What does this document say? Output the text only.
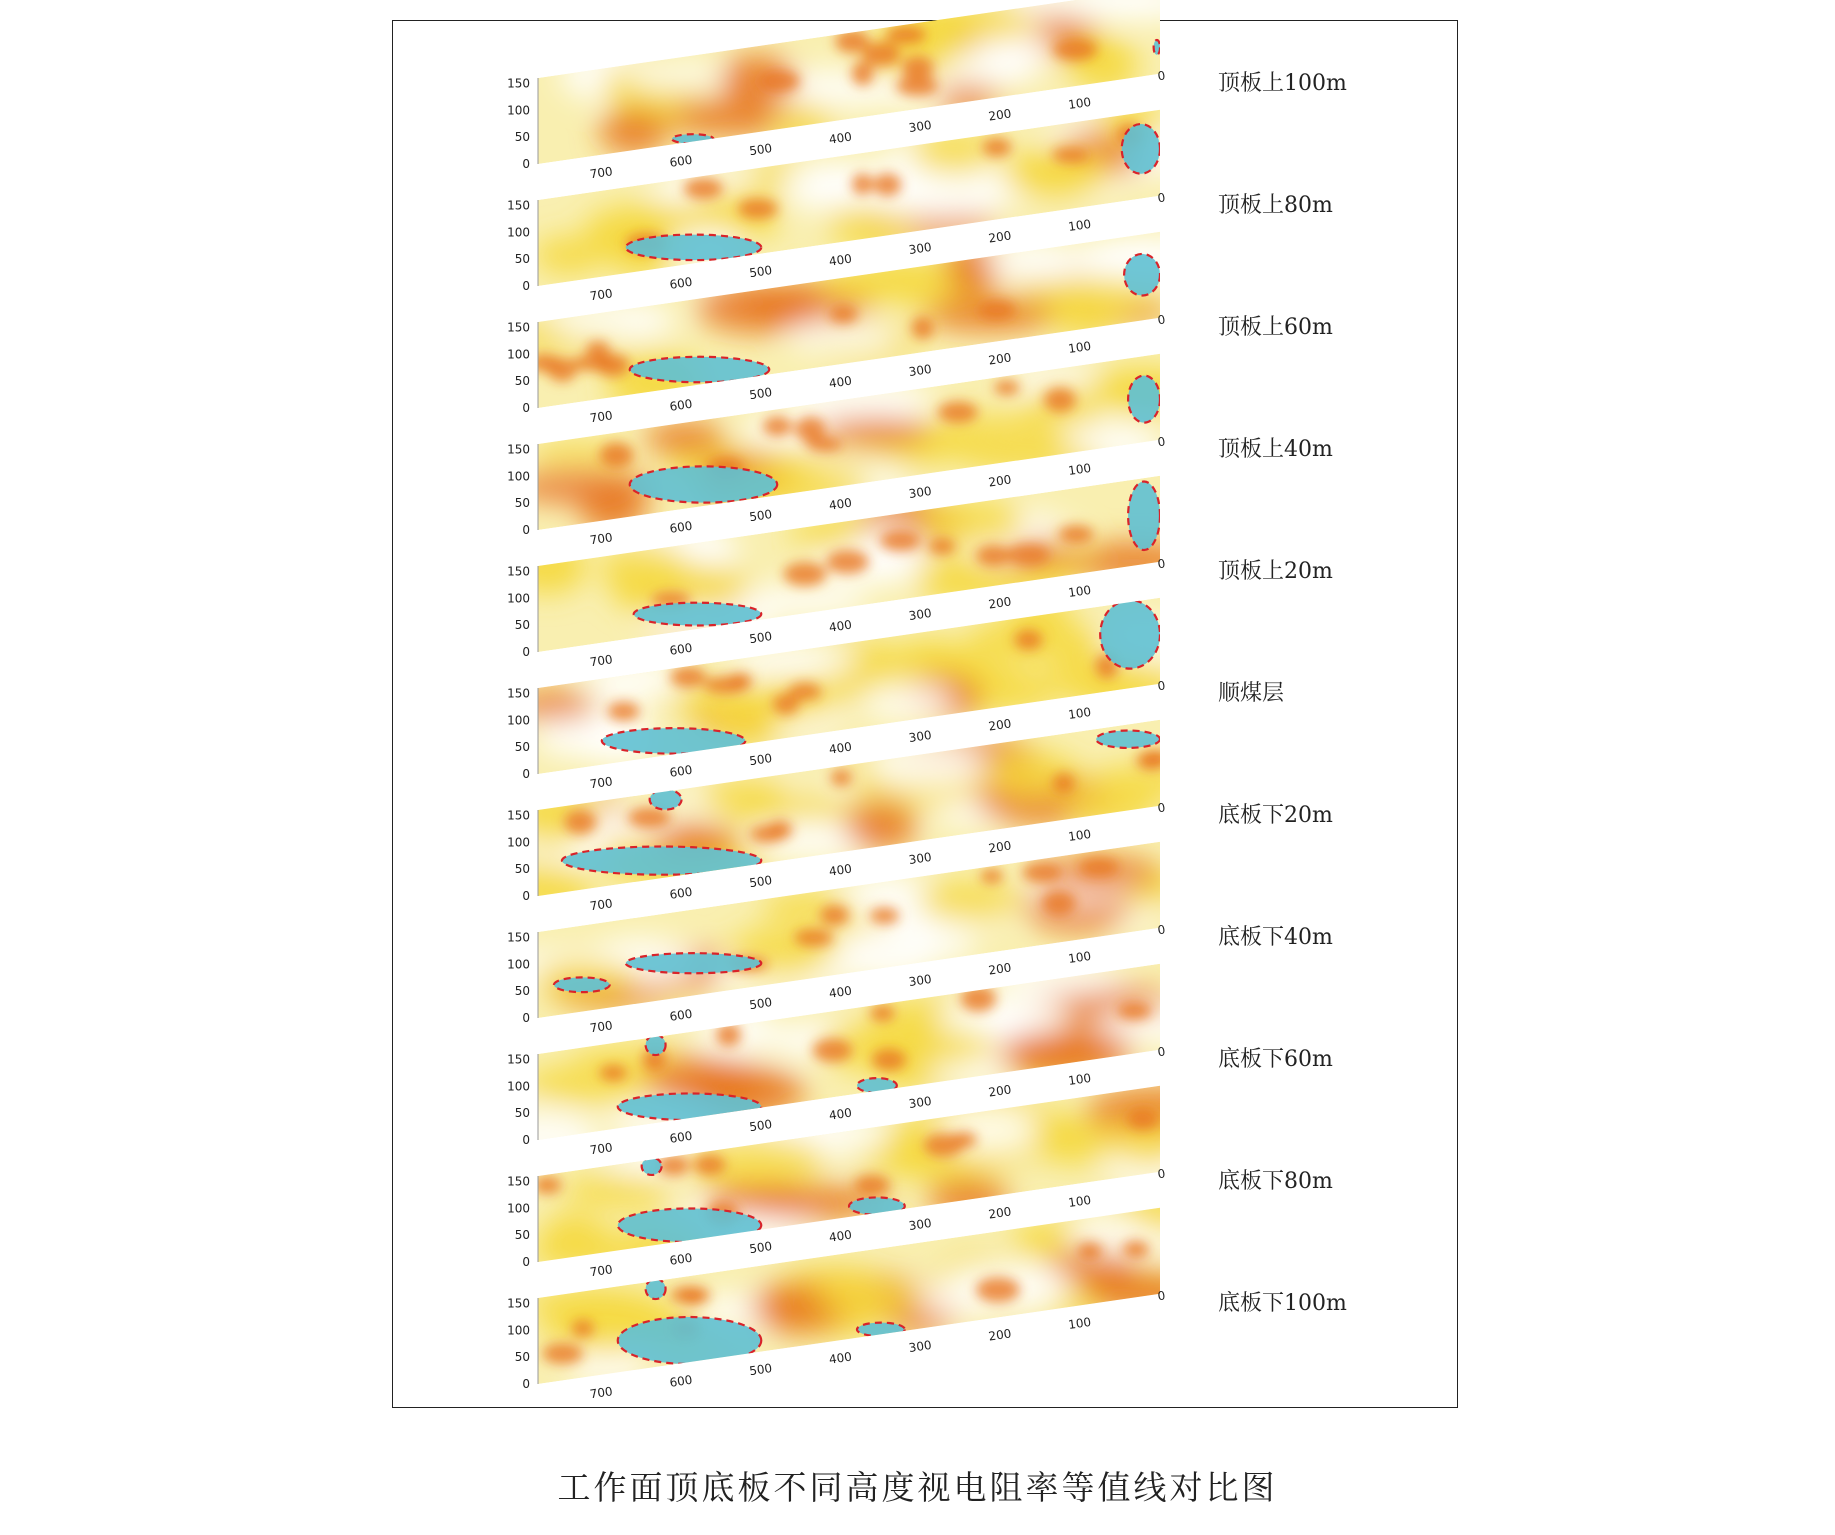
0
50
100
150
700
600
500
400
300
200
100
0
0
50
100
150
700
600
500
400
300
200
100
0
0
50
100
150
700
600
500
400
300
200
100
0
0
50
100
150
700
600
500
400
300
200
100
0
0
50
100
150
700
600
500
400
300
200
100
0
0
50
100
150
700
600
500
400
300
200
100
0
0
50
100
150
700
600
500
400
300
200
100
0
0
50
100
150
700
600
500
400
300
200
100
0
0
50
100
150
700
600
500
400
300
200
100
0
0
50
100
150
700
600
500
400
300
200
100
0
0
50
100
150
700
600
500
400
300
200
100
0
顶板上100m
顶板上80m
顶板上60m
顶板上40m
顶板上20m
顺煤层
底板下20m
底板下40m
底板下60m
底板下80m
底板下100m
工作面顶底板不同高度视电阻率等值线对比图
